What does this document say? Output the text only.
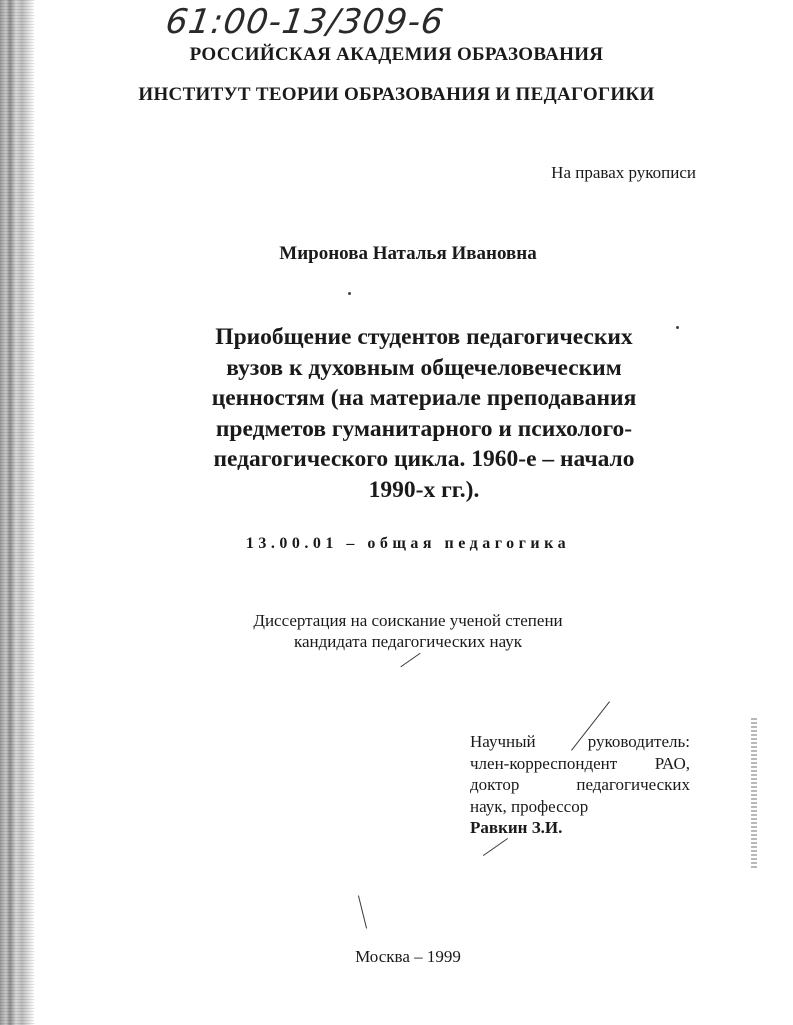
61:00-13/309-6
РОССИЙСКАЯ АКАДЕМИЯ ОБРАЗОВАНИЯ
ИНСТИТУТ ТЕОРИИ ОБРАЗОВАНИЯ И ПЕДАГОГИКИ
На правах рукописи
Миронова Наталья Ивановна
Приобщение студентов педагогических
вузов к духовным общечеловеческим
ценностям (на материале преподавания
предметов гуманитарного и психолого-
педагогического цикла. 1960-е – начало
1990-х гг.).
13.00.01 – общая педагогика
Диссертация на соискание ученой степени
кандидата педагогических наук
Научный	руководитель:
член-корреспондент РАО,
доктор	педагогических
наук, профессор
Равкин З.И.
Москва – 1999
